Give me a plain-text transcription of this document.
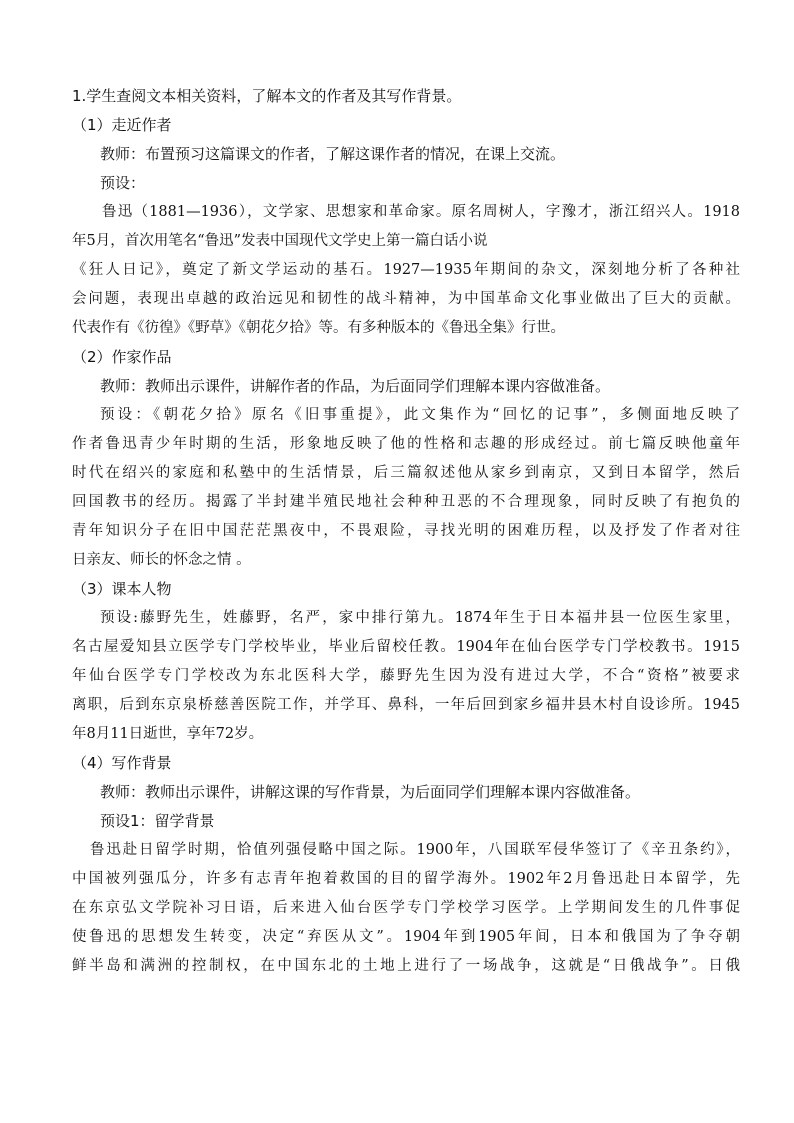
1.学生查阅文本相关资料，了解本文的作者及其写作背景。
（1）走近作者
教师：布置预习这篇课文的作者，了解这课作者的情况，在课上交流。
预设：
鲁迅（1881—1936），文学家、思想家和革命家。原名周树人，字豫才，浙江绍兴人。1918
年5月，首次用笔名“鲁迅”发表中国现代文学史上第一篇白话小说
《狂人日记》，奠定了新文学运动的基石。1927—1935年期间的杂文，深刻地分析了各种社
会问题，表现出卓越的政治远见和韧性的战斗精神，为中国革命文化事业做出了巨大的贡献。
代表作有《彷徨》《野草》《朝花夕拾》等。有多种版本的《鲁迅全集》行世。
（2）作家作品
教师：教师出示课件，讲解作者的作品，为后面同学们理解本课内容做准备。
预设：《朝花夕拾》原名《旧事重提》，此文集作为“回忆的记事”，多侧面地反映了
作者鲁迅青少年时期的生活，形象地反映了他的性格和志趣的形成经过。前七篇反映他童年
时代在绍兴的家庭和私塾中的生活情景，后三篇叙述他从家乡到南京，又到日本留学，然后
回国教书的经历。揭露了半封建半殖民地社会种种丑恶的不合理现象，同时反映了有抱负的
青年知识分子在旧中国茫茫黑夜中，不畏艰险，寻找光明的困难历程，以及抒发了作者对往
日亲友、师长的怀念之情 。
（3）课本人物
预设:藤野先生，姓藤野，名严，家中排行第九。1874年生于日本福井县一位医生家里，
名古屋爱知县立医学专门学校毕业，毕业后留校任教。1904年在仙台医学专门学校教书。1915
年仙台医学专门学校改为东北医科大学，藤野先生因为没有进过大学，不合“资格”被要求
离职，后到东京泉桥慈善医院工作，并学耳、鼻科，一年后回到家乡福井县木村自设诊所。1945
年8月11日逝世，享年72岁。
（4）写作背景
教师：教师出示课件，讲解这课的写作背景，为后面同学们理解本课内容做准备。
预设1：留学背景
鲁迅赴日留学时期，恰值列强侵略中国之际。1900年，八国联军侵华签订了《辛丑条约》，
中国被列强瓜分，许多有志青年抱着救国的目的留学海外。1902年2月鲁迅赴日本留学，先
在东京弘文学院补习日语，后来进入仙台医学专门学校学习医学。上学期间发生的几件事促
使鲁迅的思想发生转变，决定“弃医从文”。1904年到1905年间，日本和俄国为了争夺朝
鲜半岛和满洲的控制权，在中国东北的土地上进行了一场战争，这就是“日俄战争”。日俄
